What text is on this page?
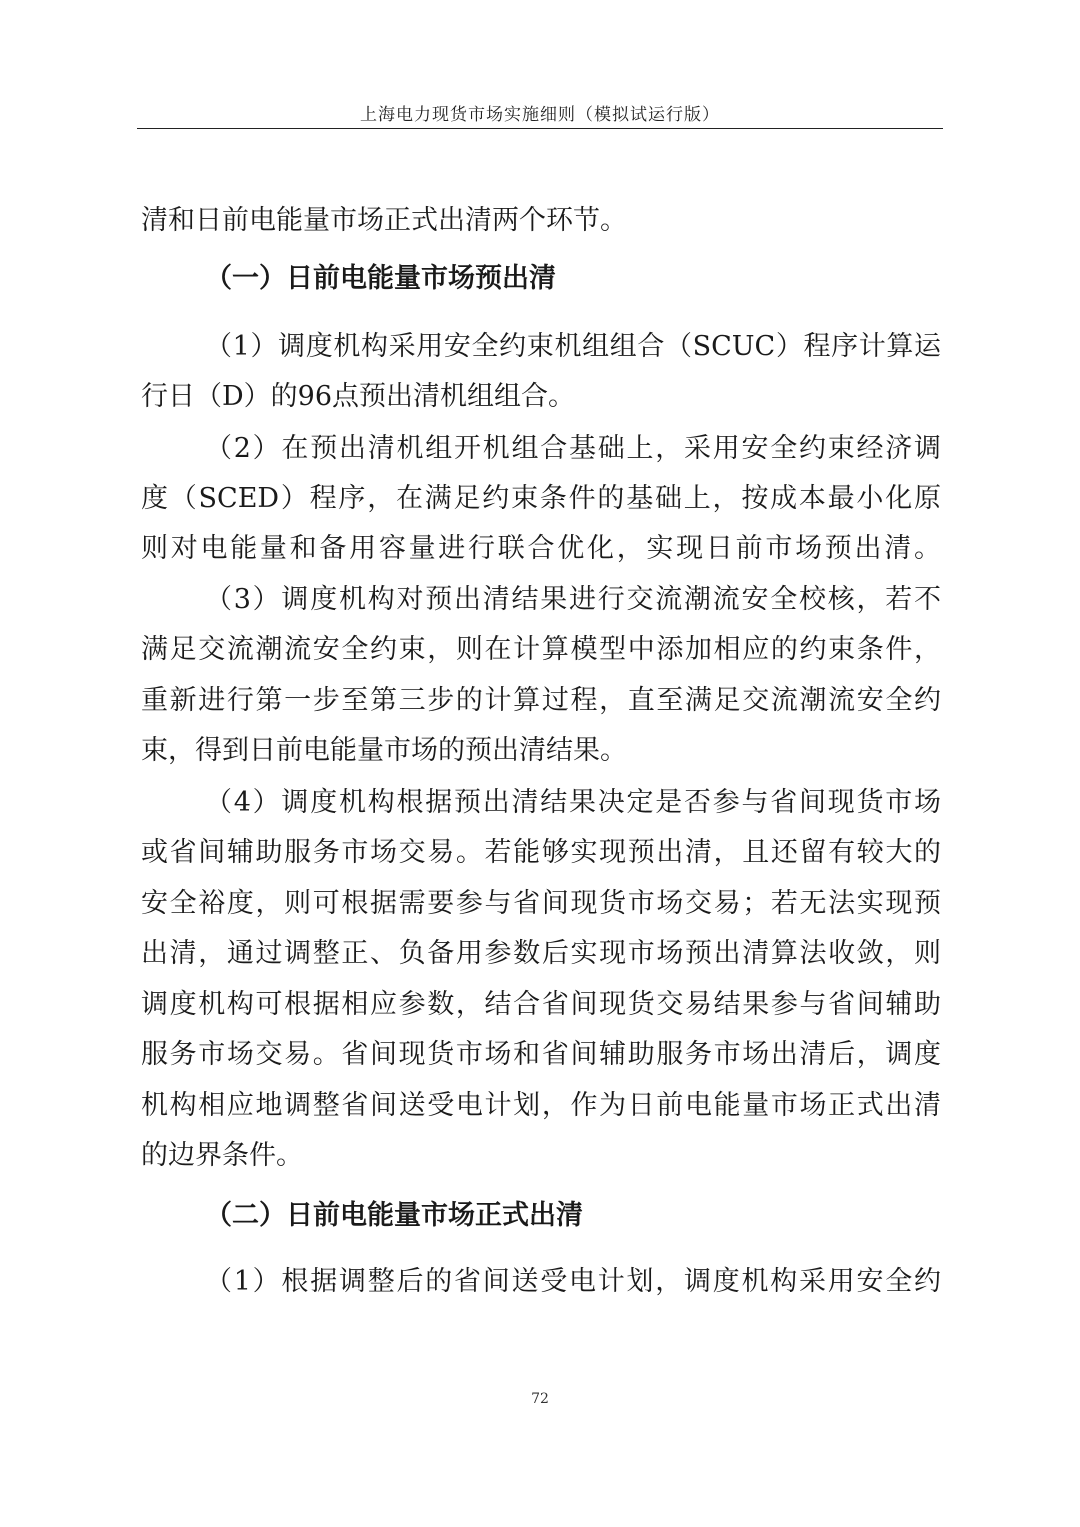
上海电力现货市场实施细则（模拟试运行版）
清和日前电能量市场正式出清两个环节。
（一）日前电能量市场预出清
（1）调度机构采用安全约束机组组合（SCUC）程序计算运
行日（D）的96点预出清机组组合。
（2）在预出清机组开机组合基础上，采用安全约束经济调
度（SCED）程序，在满足约束条件的基础上，按成本最小化原
则对电能量和备用容量进行联合优化，实现日前市场预出清。
（3）调度机构对预出清结果进行交流潮流安全校核，若不
满足交流潮流安全约束，则在计算模型中添加相应的约束条件，
重新进行第一步至第三步的计算过程，直至满足交流潮流安全约
束，得到日前电能量市场的预出清结果。
（4）调度机构根据预出清结果决定是否参与省间现货市场
或省间辅助服务市场交易。若能够实现预出清，且还留有较大的
安全裕度，则可根据需要参与省间现货市场交易；若无法实现预
出清，通过调整正、负备用参数后实现市场预出清算法收敛，则
调度机构可根据相应参数，结合省间现货交易结果参与省间辅助
服务市场交易。省间现货市场和省间辅助服务市场出清后，调度
机构相应地调整省间送受电计划，作为日前电能量市场正式出清
的边界条件。
（二）日前电能量市场正式出清
（1）根据调整后的省间送受电计划，调度机构采用安全约
72
